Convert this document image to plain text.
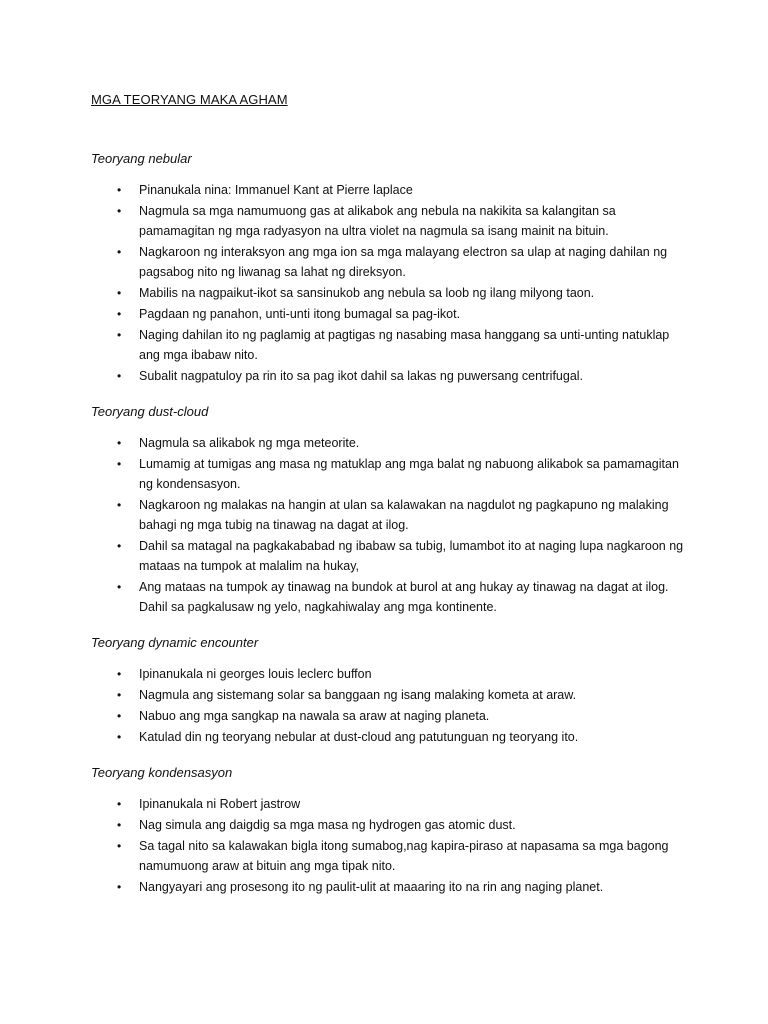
MGA TEORYANG MAKA AGHAM
Teoryang nebular
• Pinanukala nina: Immanuel Kant at Pierre laplace
• Nagmula sa mga namumuong gas at alikabok ang nebula na nakikita sa kalangitan sa pamamagitan ng mga radyasyon na ultra violet na nagmula sa isang mainit na bituin.
• Nagkaroon ng interaksyon ang mga ion sa mga malayang electron sa ulap at naging dahilan ng pagsabog nito ng liwanag sa lahat ng direksyon.
• Mabilis na nagpaikut-ikot sa sansinukob ang nebula sa loob ng ilang milyong taon.
• Pagdaan ng panahon, unti-unti itong bumagal sa pag-ikot.
• Naging dahilan ito ng paglamig at pagtigas ng nasabing masa hanggang sa unti-unting natuklap ang mga ibabaw nito.
• Subalit nagpatuloy pa rin ito sa pag ikot dahil sa lakas ng puwersang centrifugal.
Teoryang dust-cloud
• Nagmula sa alikabok ng mga meteorite.
• Lumamig at tumigas ang masa ng matuklap ang mga balat ng nabuong alikabok sa pamamagitan ng kondensasyon.
• Nagkaroon ng malakas na hangin at ulan sa kalawakan na nagdulot ng pagkapuno ng malaking bahagi ng mga tubig na tinawag na dagat at ilog.
• Dahil sa matagal na pagkakababad ng ibabaw sa tubig, lumambot ito at naging lupa nagkaroon ng mataas na tumpok at malalim na hukay,
• Ang mataas na tumpok ay tinawag na bundok at burol at ang hukay ay tinawag na dagat at ilog. Dahil sa pagkalusaw ng yelo, nagkahiwalay ang mga kontinente.
Teoryang dynamic encounter
• Ipinanukala ni georges louis leclerc buffon
• Nagmula ang sistemang solar sa banggaan ng isang malaking kometa at araw.
• Nabuo ang mga sangkap na nawala sa araw at naging planeta.
• Katulad din ng teoryang nebular at dust-cloud ang patutunguan ng teoryang ito.
Teoryang kondensasyon
• Ipinanukala ni Robert jastrow
• Nag simula ang daigdig sa mga masa ng hydrogen gas atomic dust.
• Sa tagal nito sa kalawakan bigla itong sumabog,nag kapira-piraso at napasama sa mga bagong namumuong araw at bituin ang mga tipak nito.
• Nangyayari ang prosesong ito ng paulit-ulit at maaaring ito na rin ang naging planet.
